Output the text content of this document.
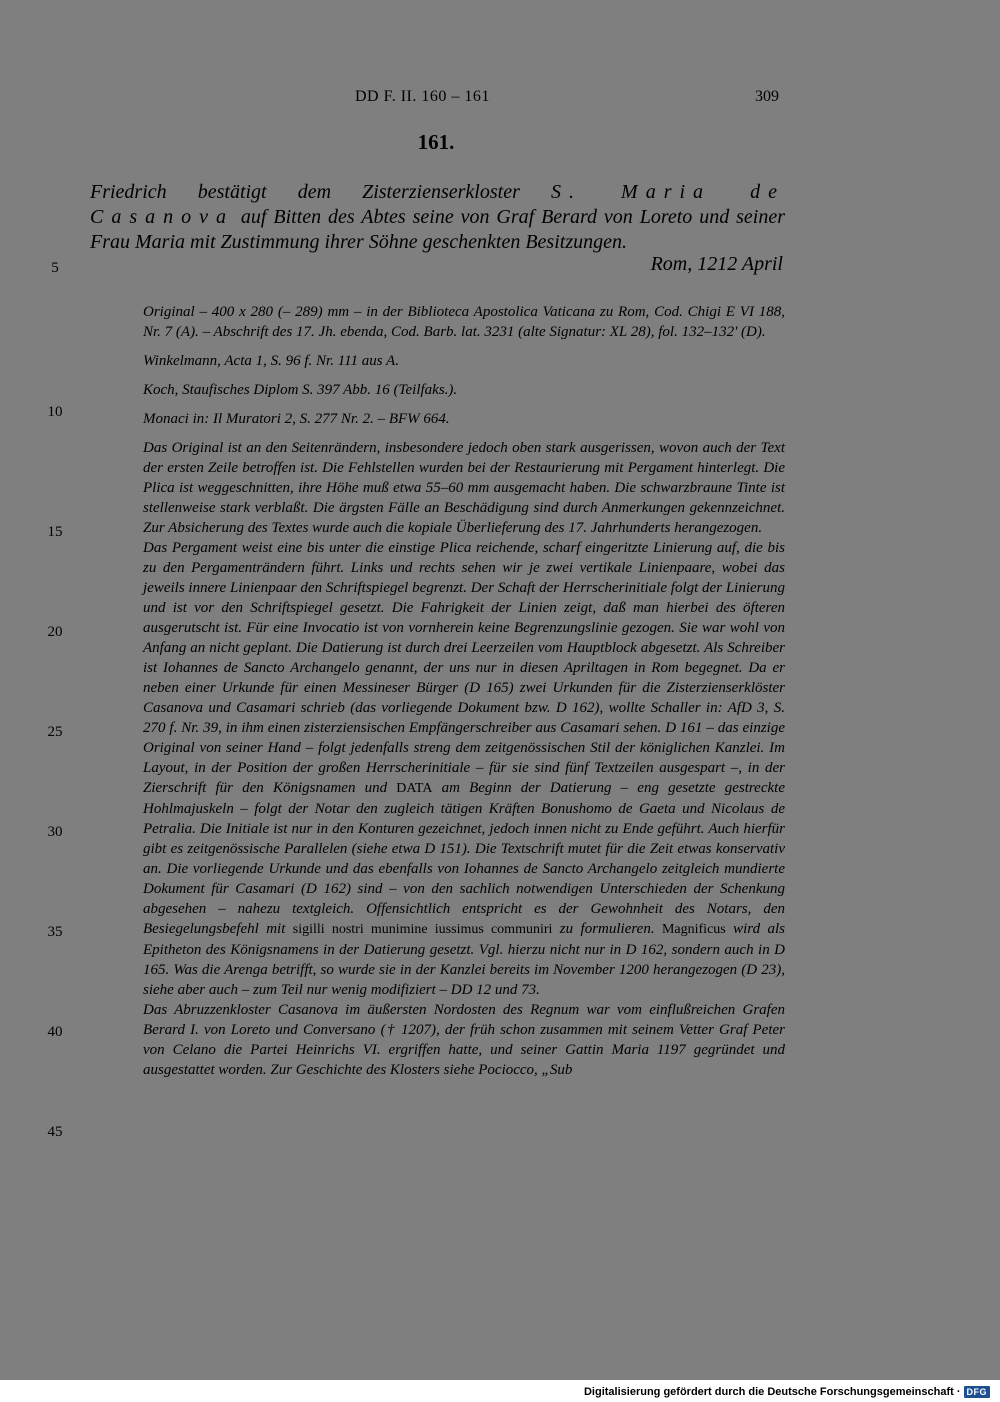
DD F. II. 160 – 161	309
161.
Friedrich bestätigt dem Zisterzienserkloster S. Maria de Casanova auf Bitten des Abtes seine von Graf Berard von Loreto und seiner Frau Maria mit Zustimmung ihrer Söhne geschenkten Besitzungen.
Rom, 1212 April
5
10
15
20
25
30
35
40
45

Original – 400 x 280 (– 289) mm – in der Biblioteca Apostolica Vaticana zu Rom, Cod. Chigi E VI 188, Nr. 7 (A). – Abschrift des 17. Jh. ebenda, Cod. Barb. lat. 3231 (alte Signatur: XL 28), fol. 132–132' (D).

Winkelmann, Acta 1, S. 96 f. Nr. 111 aus A.

Koch, Staufisches Diplom S. 397 Abb. 16 (Teilfaks.).

Monaci in: Il Muratori 2, S. 277 Nr. 2. – BFW 664.

Das Original ist an den Seitenrändern, insbesondere jedoch oben stark ausgerissen, wovon auch der Text der ersten Zeile betroffen ist. Die Fehlstellen wurden bei der Restaurierung mit Pergament hinterlegt. Die Plica ist weggeschnitten, ihre Höhe muß etwa 55–60 mm ausgemacht haben. Die schwarzbraune Tinte ist stellenweise stark verblaßt. Die ärgsten Fälle an Beschädigung sind durch Anmerkungen gekennzeichnet. Zur Absicherung des Textes wurde auch die kopiale Überlieferung des 17. Jahrhunderts herangezogen.

Das Pergament weist eine bis unter die einstige Plica reichende, scharf eingeritzte Linierung auf, die bis zu den Pergamenträndern führt. Links und rechts sehen wir je zwei vertikale Linienpaare, wobei das jeweils innere Linienpaar den Schriftspiegel begrenzt. Der Schaft der Herrscherinitiale folgt der Linierung und ist vor den Schriftspiegel gesetzt. Die Fahrigkeit der Linien zeigt, daß man hierbei des öfteren ausgerutscht ist. Für eine Invocatio ist von vornherein keine Begrenzungslinie gezogen. Sie war wohl von Anfang an nicht geplant. Die Datierung ist durch drei Leerzeilen vom Hauptblock abgesetzt. Als Schreiber ist Iohannes de Sancto Archangelo genannt, der uns nur in diesen Apriltagen in Rom begegnet. Da er neben einer Urkunde für einen Messineser Bürger (D 165) zwei Urkunden für die Zisterzienserklöster Casanova und Casamari schrieb (das vorliegende Dokument bzw. D 162), wollte Schaller in: AfD 3, S. 270 f. Nr. 39, in ihm einen zisterziensischen Empfängerschreiber aus Casamari sehen. D 161 – das einzige Original von seiner Hand – folgt jedenfalls streng dem zeitgenössischen Stil der königlichen Kanzlei. Im Layout, in der Position der großen Herrscherinitiale – für sie sind fünf Textzeilen ausgespart –, in der Zierschrift für den Königsnamen und DATA am Beginn der Datierung – eng gesetzte gestreckte Hohlmajuskeln – folgt der Notar den zugleich tätigen Kräften Bonushomo de Gaeta und Nicolaus de Petralia. Die Initiale ist nur in den Konturen gezeichnet, jedoch innen nicht zu Ende geführt. Auch hierfür gibt es zeitgenössische Parallelen (siehe etwa D 151). Die Textschrift mutet für die Zeit etwas konservativ an. Die vorliegende Urkunde und das ebenfalls von Iohannes de Sancto Archangelo zeitgleich mundierte Dokument für Casamari (D 162) sind – von den sachlich notwendigen Unterschieden der Schenkung abgesehen – nahezu textgleich. Offensichtlich entspricht es der Gewohnheit des Notars, den Besiegelungsbefehl mit sigilli nostri munimine iussimus communiri zu formulieren. Magnificus wird als Epitheton des Königsnamens in der Datierung gesetzt. Vgl. hierzu nicht nur in D 162, sondern auch in D 165. Was die Arenga betrifft, so wurde sie in der Kanzlei bereits im November 1200 herangezogen (D 23), siehe aber auch – zum Teil nur wenig modifiziert – DD 12 und 73.

Das Abruzzenkloster Casanova im äußersten Nordosten des Regnum war vom einflußreichen Grafen Berard I. von Loreto und Conversano († 1207), der früh schon zusammen mit seinem Vetter Graf Peter von Celano die Partei Heinrichs VI. ergriffen hatte, und seiner Gattin Maria 1197 gegründet und ausgestattet worden. Zur Geschichte des Klosters siehe Pociocco, „Sub

Digitalisierung gefördert durch die Deutsche Forschungsgemeinschaft · DFG
